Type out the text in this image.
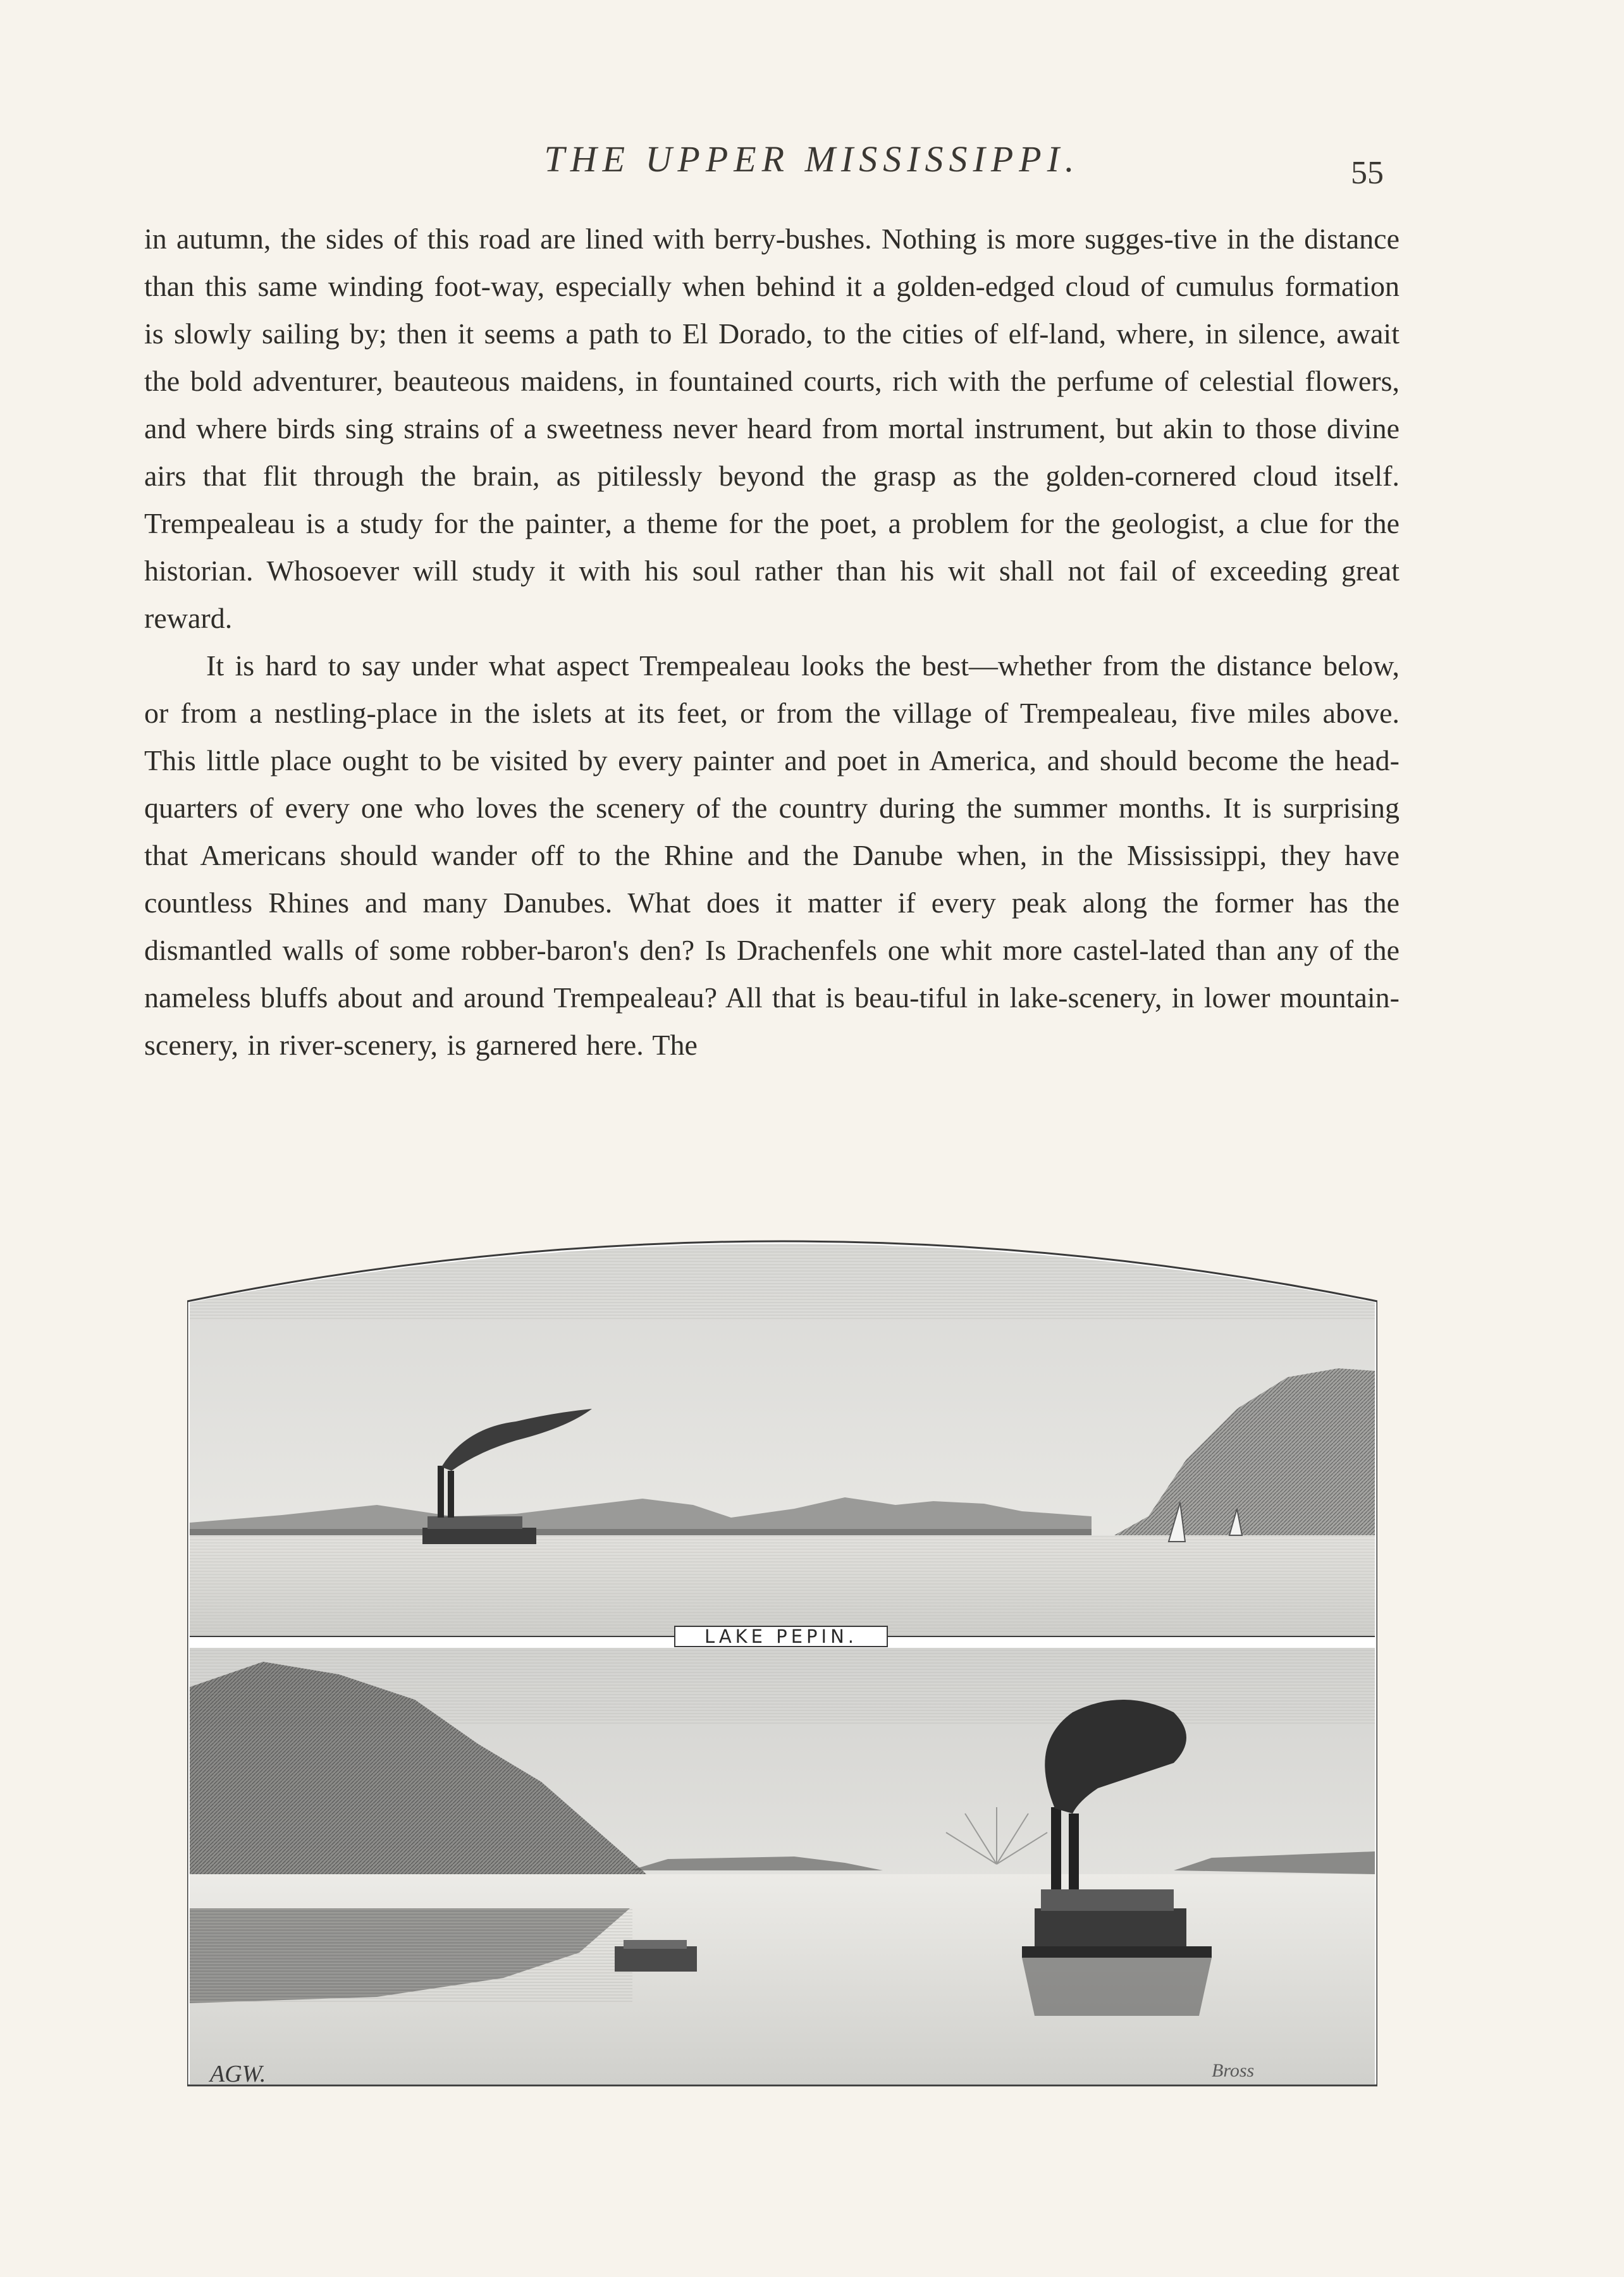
THE UPPER MISSISSIPPI.	55

in autumn, the sides of this road are lined with berry-bushes. Nothing is more sugges-tive in the distance than this same winding foot-way, especially when behind it a golden-edged cloud of cumulus formation is slowly sailing by; then it seems a path to El Dorado, to the cities of elf-land, where, in silence, await the bold adventurer, beauteous maidens, in fountained courts, rich with the perfume of celestial flowers, and where birds sing strains of a sweetness never heard from mortal instrument, but akin to those divine airs that flit through the brain, as pitilessly beyond the grasp as the golden-cornered cloud itself. Trempealeau is a study for the painter, a theme for the poet, a problem for the geologist, a clue for the historian. Whosoever will study it with his soul rather than his wit shall not fail of exceeding great reward.

It is hard to say under what aspect Trempealeau looks the best—whether from the distance below, or from a nestling-place in the islets at its feet, or from the village of Trempealeau, five miles above. This little place ought to be visited by every painter and poet in America, and should become the head-quarters of every one who loves the scenery of the country during the summer months. It is surprising that Americans should wander off to the Rhine and the Danube when, in the Mississippi, they have countless Rhines and many Danubes. What does it matter if every peak along the former has the dismantled walls of some robber-baron's den? Is Drachenfels one whit more castel-lated than any of the nameless bluffs about and around Trempealeau? All that is beau-tiful in lake-scenery, in lower mountain-scenery, in river-scenery, is garnered here. The

LAKE PEPIN.
AGW.	Bross
